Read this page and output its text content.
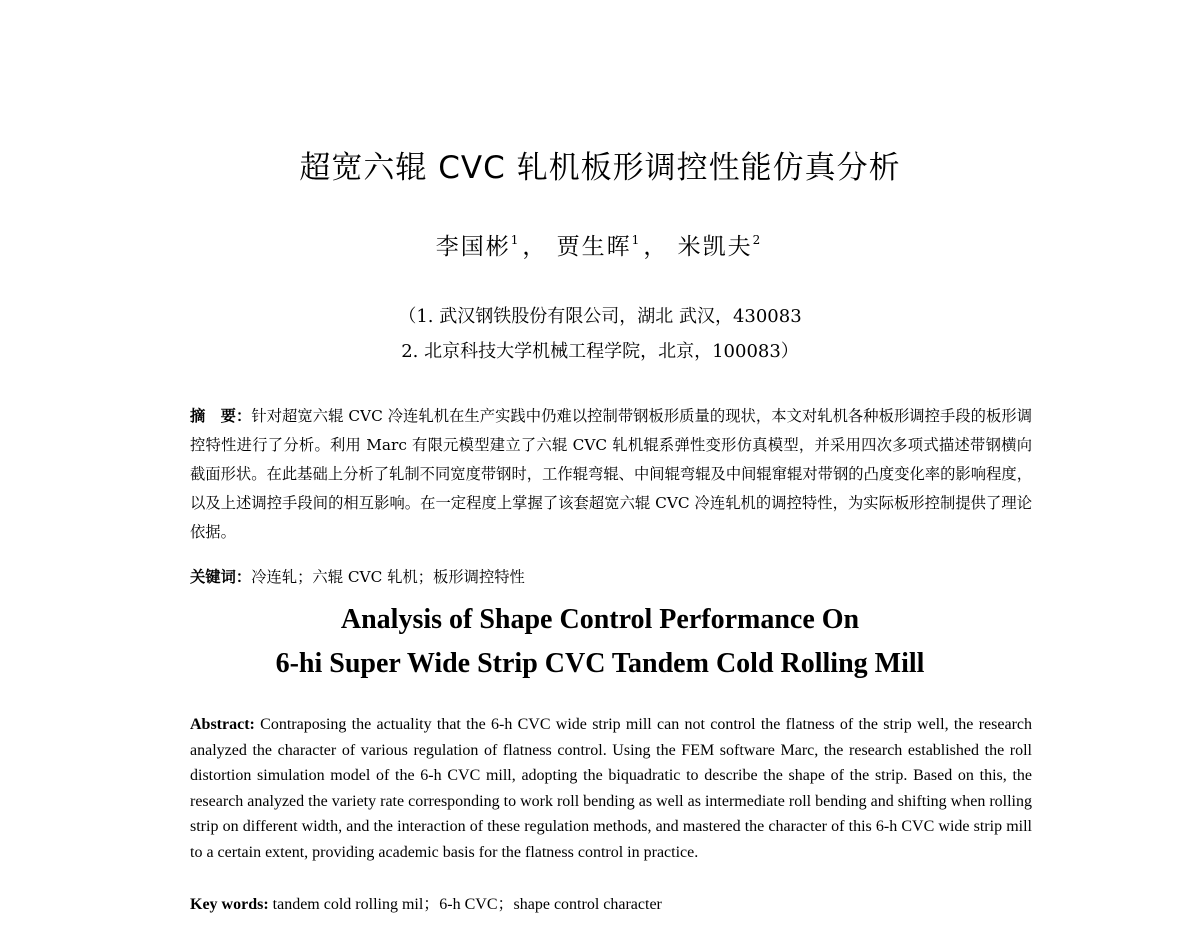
超宽六辊 CVC 轧机板形调控性能仿真分析
李国彬$^1$， 贾生晖$^1$， 米凯夫$^2$
（1. 武汉钢铁股份有限公司，湖北 武汉，430083
2. 北京科技大学机械工程学院，北京，100083）
摘　要：针对超宽六辊 CVC 冷连轧机在生产实践中仍难以控制带钢板形质量的现状，本文对轧机各种板形调控手段的板形调控特性进行了分析。利用 Marc 有限元模型建立了六辊 CVC 轧机辊系弹性变形仿真模型，并采用四次多项式描述带钢横向截面形状。在此基础上分析了轧制不同宽度带钢时，工作辊弯辊、中间辊弯辊及中间辊窜辊对带钢的凸度变化率的影响程度，以及上述调控手段间的相互影响。在一定程度上掌握了该套超宽六辊 CVC 冷连轧机的调控特性，为实际板形控制提供了理论依据。
关键词：冷连轧；六辊 CVC 轧机；板形调控特性
Analysis of Shape Control Performance On
6-hi Super Wide Strip CVC Tandem Cold Rolling Mill
Abstract: Contraposing the actuality that the 6-h CVC wide strip mill can not control the flatness of the strip well, the research analyzed the character of various regulation of flatness control. Using the FEM software Marc, the research established the roll distortion simulation model of the 6-h CVC mill, adopting the biquadratic to describe the shape of the strip. Based on this, the research analyzed the variety rate corresponding to work roll bending as well as intermediate roll bending and shifting when rolling strip on different width, and the interaction of these regulation methods, and mastered the character of this 6-h CVC wide strip mill to a certain extent, providing academic basis for the flatness control in practice.
Key words: tandem cold rolling mil；6-h CVC；shape control character
